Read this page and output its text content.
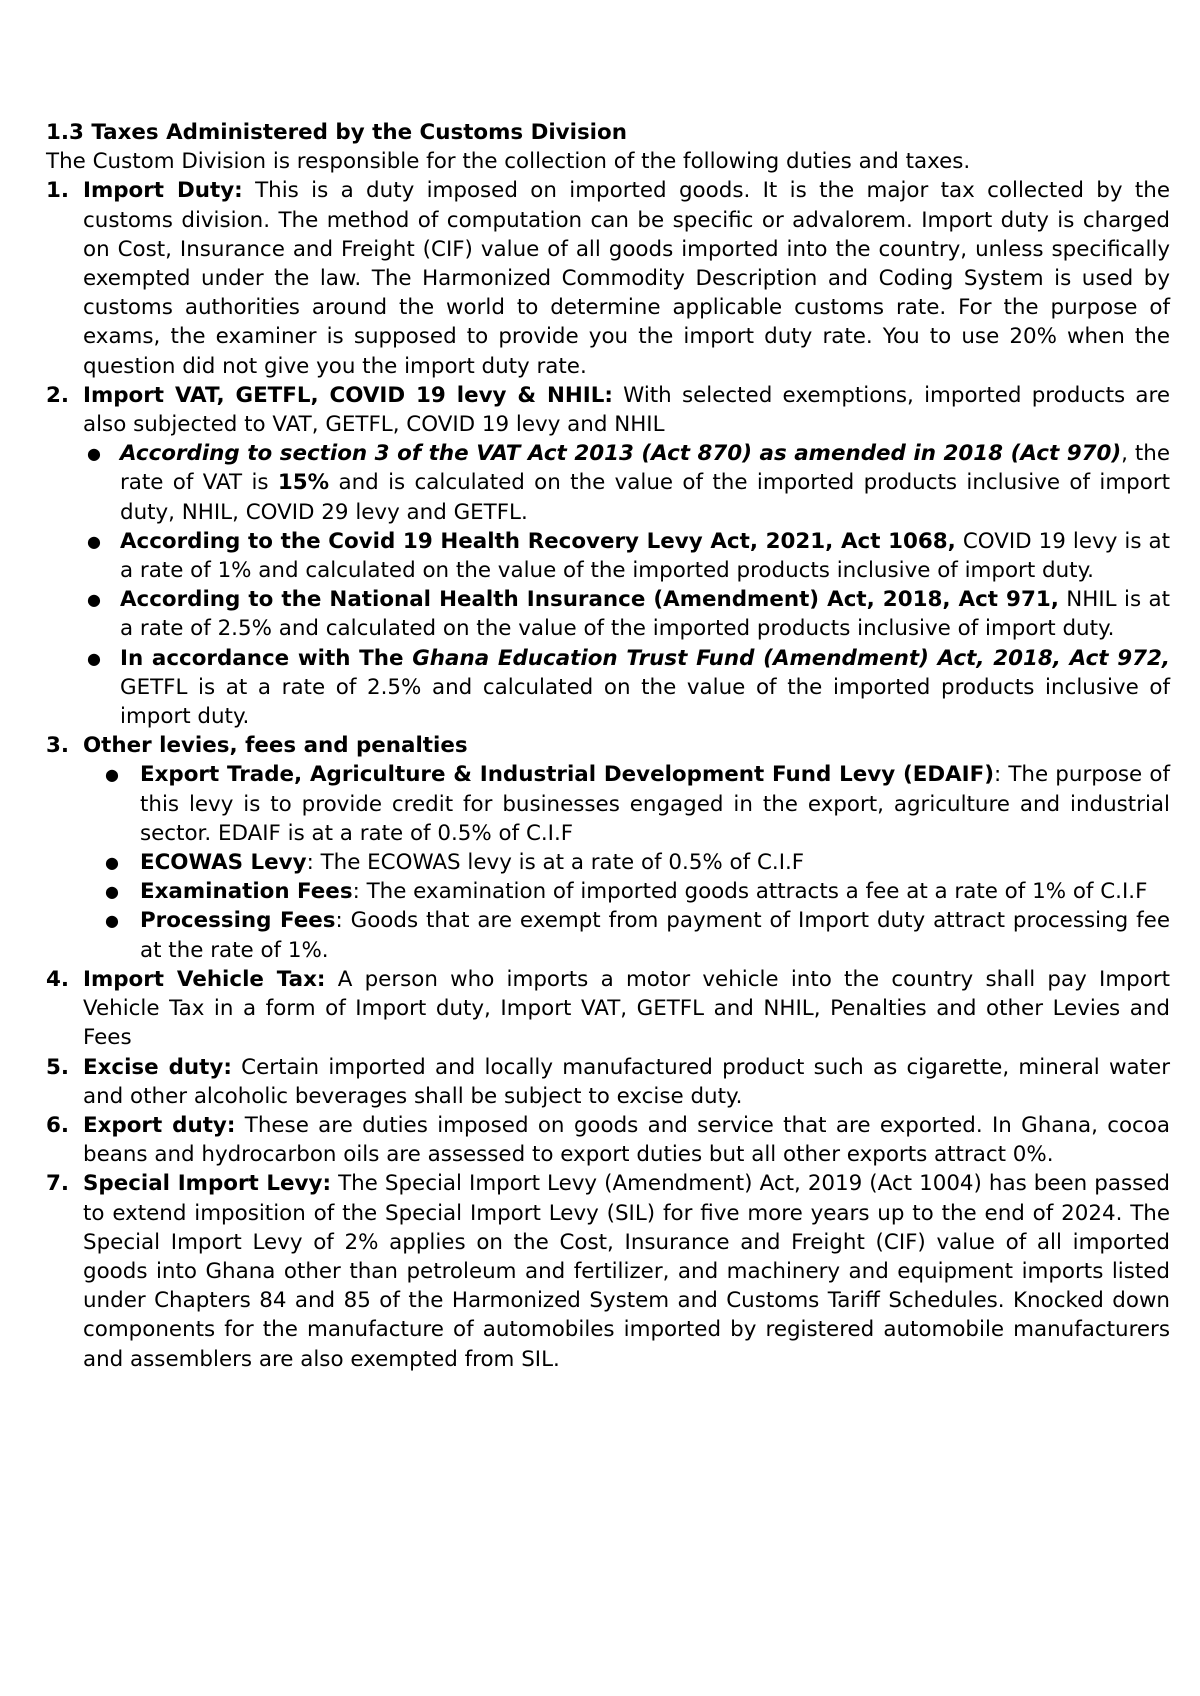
1.3 Taxes Administered by the Customs Division

The Custom Division is responsible for the collection of the following duties and taxes.

1. Import Duty: This is a duty imposed on imported goods. It is the major tax collected by the customs division. The method of computation can be specific or advalorem. Import duty is charged on Cost, Insurance and Freight (CIF) value of all goods imported into the country, unless specifically exempted under the law. The Harmonized Commodity Description and Coding System is used by customs authorities around the world to determine applicable customs rate. For the purpose of exams, the examiner is supposed to provide you the import duty rate. You to use 20% when the question did not give you the import duty rate.
2. Import VAT, GETFL, COVID 19 levy & NHIL: With selected exemptions, imported products are also subjected to VAT, GETFL, COVID 19 levy and NHIL
● According to section 3 of the VAT Act 2013 (Act 870) as amended in 2018 (Act 970), the rate of VAT is 15% and is calculated on the value of the imported products inclusive of import duty, NHIL, COVID 29 levy and GETFL.
● According to the Covid 19 Health Recovery Levy Act, 2021, Act 1068, COVID 19 levy is at a rate of 1% and calculated on the value of the imported products inclusive of import duty.
● According to the National Health Insurance (Amendment) Act, 2018, Act 971, NHIL is at a rate of 2.5% and calculated on the value of the imported products inclusive of import duty.
● In accordance with The Ghana Education Trust Fund (Amendment) Act, 2018, Act 972, GETFL is at a rate of 2.5% and calculated on the value of the imported products inclusive of import duty.
3. Other levies, fees and penalties
● Export Trade, Agriculture & Industrial Development Fund Levy (EDAIF): The purpose of this levy is to provide credit for businesses engaged in the export, agriculture and industrial sector. EDAIF is at a rate of 0.5% of C.I.F
● ECOWAS Levy: The ECOWAS levy is at a rate of 0.5% of C.I.F
● Examination Fees: The examination of imported goods attracts a fee at a rate of 1% of C.I.F
● Processing Fees: Goods that are exempt from payment of Import duty attract processing fee at the rate of 1%.
4. Import Vehicle Tax: A person who imports a motor vehicle into the country shall pay Import Vehicle Tax in a form of Import duty, Import VAT, GETFL and NHIL, Penalties and other Levies and Fees
5. Excise duty: Certain imported and locally manufactured product such as cigarette, mineral water and other alcoholic beverages shall be subject to excise duty.
6. Export duty: These are duties imposed on goods and service that are exported. In Ghana, cocoa beans and hydrocarbon oils are assessed to export duties but all other exports attract 0%.
7. Special Import Levy: The Special Import Levy (Amendment) Act, 2019 (Act 1004) has been passed to extend imposition of the Special Import Levy (SIL) for five more years up to the end of 2024. The Special Import Levy of 2% applies on the Cost, Insurance and Freight (CIF) value of all imported goods into Ghana other than petroleum and fertilizer, and machinery and equipment imports listed under Chapters 84 and 85 of the Harmonized System and Customs Tariff Schedules. Knocked down components for the manufacture of automobiles imported by registered automobile manufacturers and assemblers are also exempted from SIL.
